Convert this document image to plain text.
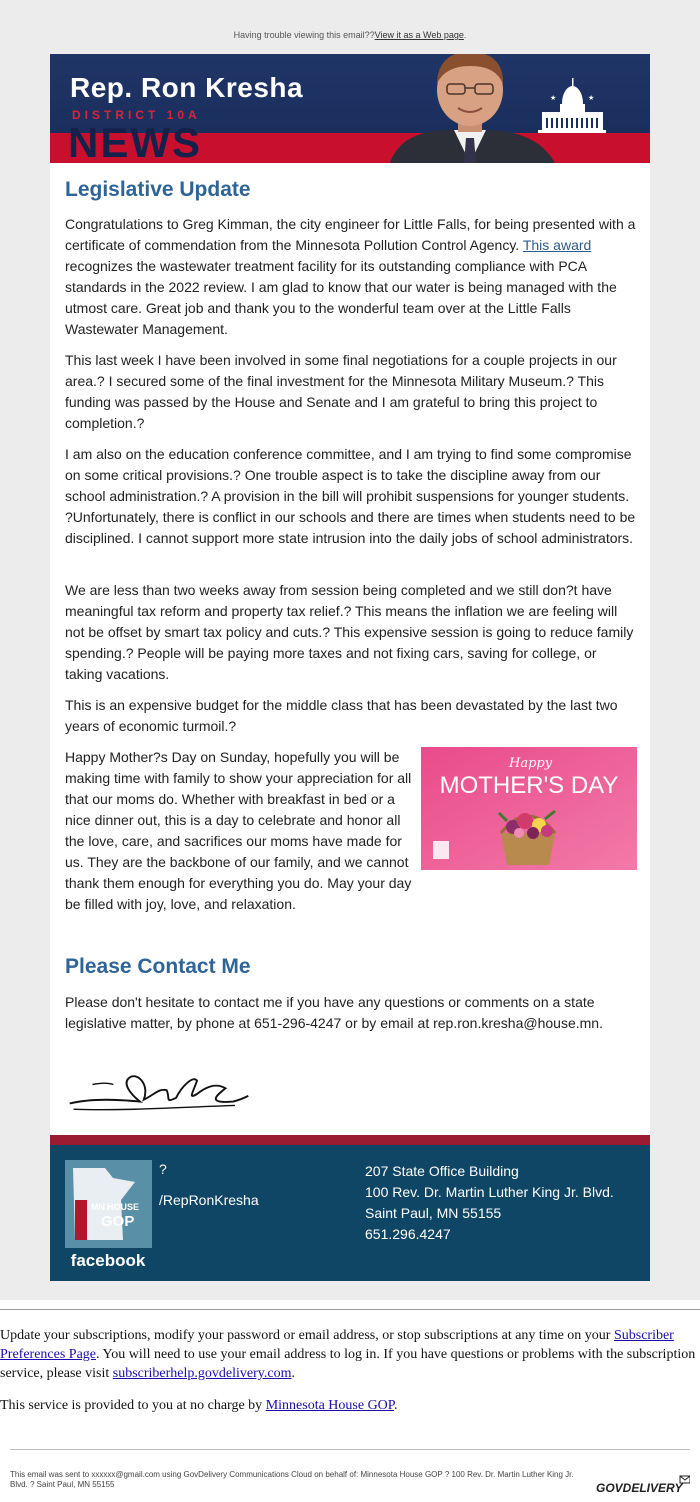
Having trouble viewing this email??View it as a Web page.
NEWS
Rep. Ron Kresha
DISTRICT 10A
★	★
Legislative Update

Congratulations to Greg Kimman, the city engineer for Little Falls, for being presented with a certificate of commendation from the Minnesota Pollution Control Agency. This award recognizes the wastewater treatment facility for its outstanding compliance with PCA standards in the 2022 review. I am glad to know that our water is being managed with the utmost care. Great job and thank you to the wonderful team over at the Little Falls Wastewater Management.

This last week I have been involved in some final negotiations for a couple projects in our area.? I secured some of the final investment for the Minnesota Military Museum.? This funding was passed by the House and Senate and I am grateful to bring this project to completion.?

I am also on the education conference committee, and I am trying to find some compromise on some critical provisions.? One trouble aspect is to take the discipline away from our school administration.? A provision in the bill will prohibit suspensions for younger students. ?Unfortunately, there is conflict in our schools and there are times when students need to be disciplined. I cannot support more state intrusion into the daily jobs of school administrators.

We are less than two weeks away from session being completed and we still don?t have meaningful tax reform and property tax relief.? This means the inflation we are feeling will not be offset by smart tax policy and cuts.? This expensive session is going to reduce family spending.? People will be paying more taxes and not fixing cars, saving for college, or taking vacations.

This is an expensive budget for the middle class that has been devastated by the last two years of economic turmoil.?

Happy
MOTHER'S DAY
Happy Mother?s Day on Sunday, hopefully you will be making time with family to show your appreciation for all that our moms do. Whether with breakfast in bed or a nice dinner out, this is a day to celebrate and honor all the love, care, and sacrifices our moms have made for us. They are the backbone of our family, and we cannot thank them enough for everything you do. May your day be filled with joy, love, and relaxation.
Please Contact Me

Please don't hesitate to contact me if you have any questions or comments on a state legislative matter, by phone at 651-296-4247 or by email at rep.ron.kresha@house.mn.

MN HOUSE
GOP
facebook
?
/RepRonKresha
207 State Office Building
100 Rev. Dr. Martin Luther King Jr. Blvd.
Saint Paul, MN 55155
651.296.4247
Update your subscriptions, modify your password or email address, or stop subscriptions at any time on your Subscriber Preferences Page. You will need to use your email address to log in. If you have questions or problems with the subscription service, please visit subscriberhelp.govdelivery.com.
This service is provided to you at no charge by Minnesota House GOP.
This email was sent to xxxxxx@gmail.com using GovDelivery Communications Cloud on behalf of: Minnesota House GOP ? 100 Rev. Dr. Martin Luther King Jr. Blvd. ? Saint Paul, MN 55155	GOVDELIVERY
